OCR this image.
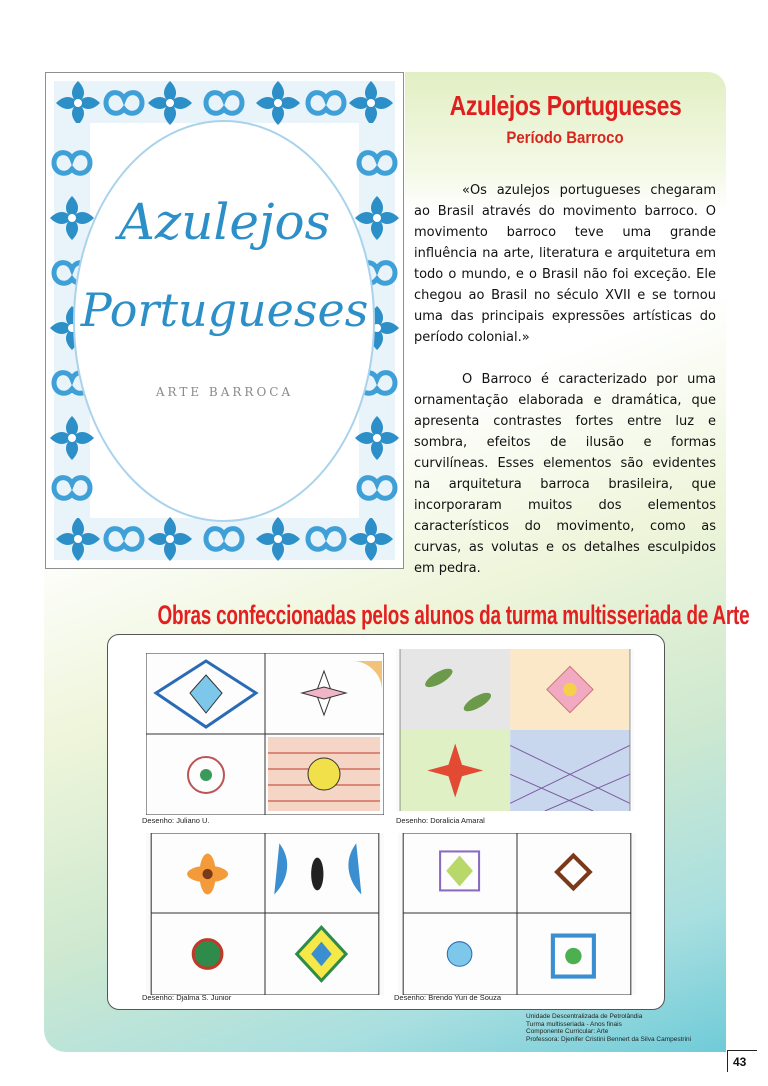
Azulejos
Portugueses
ARTE BARROCA
Azulejos Portugueses
Período Barroco
«Os azulejos portugueses chegaram ao Brasil através do movimento barroco. O movimento barroco teve uma grande influência na arte, literatura e arquitetura em todo o mundo, e o Brasil não foi exceção. Ele chegou ao Brasil no século XVII e se tornou uma das principais expressões artísticas do período colonial.»
O Barroco é caracterizado por uma ornamentação elaborada e dramática, que apresenta contrastes fortes entre luz e sombra, efeitos de ilusão e formas curvilíneas. Esses elementos são evidentes na arquitetura barroca brasileira, que incorporaram muitos dos elementos característicos do movimento, como as curvas, as volutas e os detalhes esculpidos em pedra.
Obras confeccionadas pelos alunos da turma multisseriada de Arte
Desenho: Juliano U.	Desenho: Doralicia Amaral
Desenho: Djalma S. Junior	Desenho: Brendo Yuri de Souza
Unidade Descentralizada de Petrolândia
Turma multisseriada - Anos finais
Componente Curricular: Arte
Professora: Djenifer Cristini Bennert da Silva Campestrini
43
